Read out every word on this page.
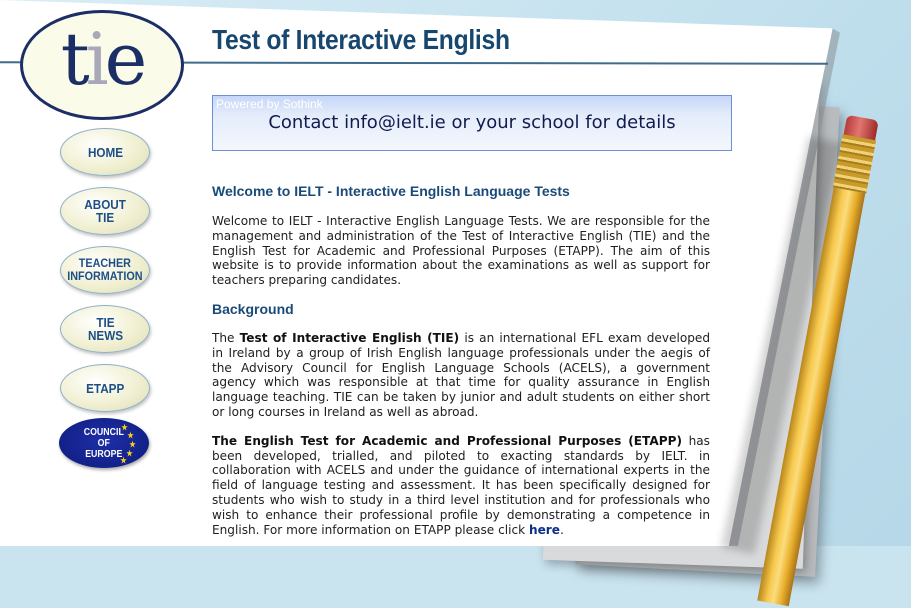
tie	Test of Interactive English
HOME
ABOUT
TIE
TEACHER
INFORMATION
TIE
NEWS
ETAPP
COUNCIL
OF
EUROPE
★
★
★
★
★
Powered by Sothink
Contact info@ielt.ie or your school for details
Welcome to IELT - Interactive English Language Tests

Welcome to IELT - Interactive English Language Tests. We are responsible for the management and administration of the Test of Interactive English (TIE) and the English Test for Academic and Professional Purposes (ETAPP). The aim of this website is to provide information about the examinations as well as support for teachers preparing candidates.

Background

The Test of Interactive English (TIE) is an international EFL exam developed in Ireland by a group of Irish English language professionals under the aegis of the Advisory Council for English Language Schools (ACELS), a government agency which was responsible at that time for quality assurance in English language teaching. TIE can be taken by junior and adult students on either short or long courses in Ireland as well as abroad.

The English Test for Academic and Professional Purposes (ETAPP) has been developed, trialled, and piloted to exacting standards by IELT. in collaboration with ACELS and under the guidance of international experts in the field of language testing and assessment. It has been specifically designed for students who wish to study in a third level institution and for professionals who wish to enhance their professional profile by demonstrating a competence in English. For more information on ETAPP please click here.
